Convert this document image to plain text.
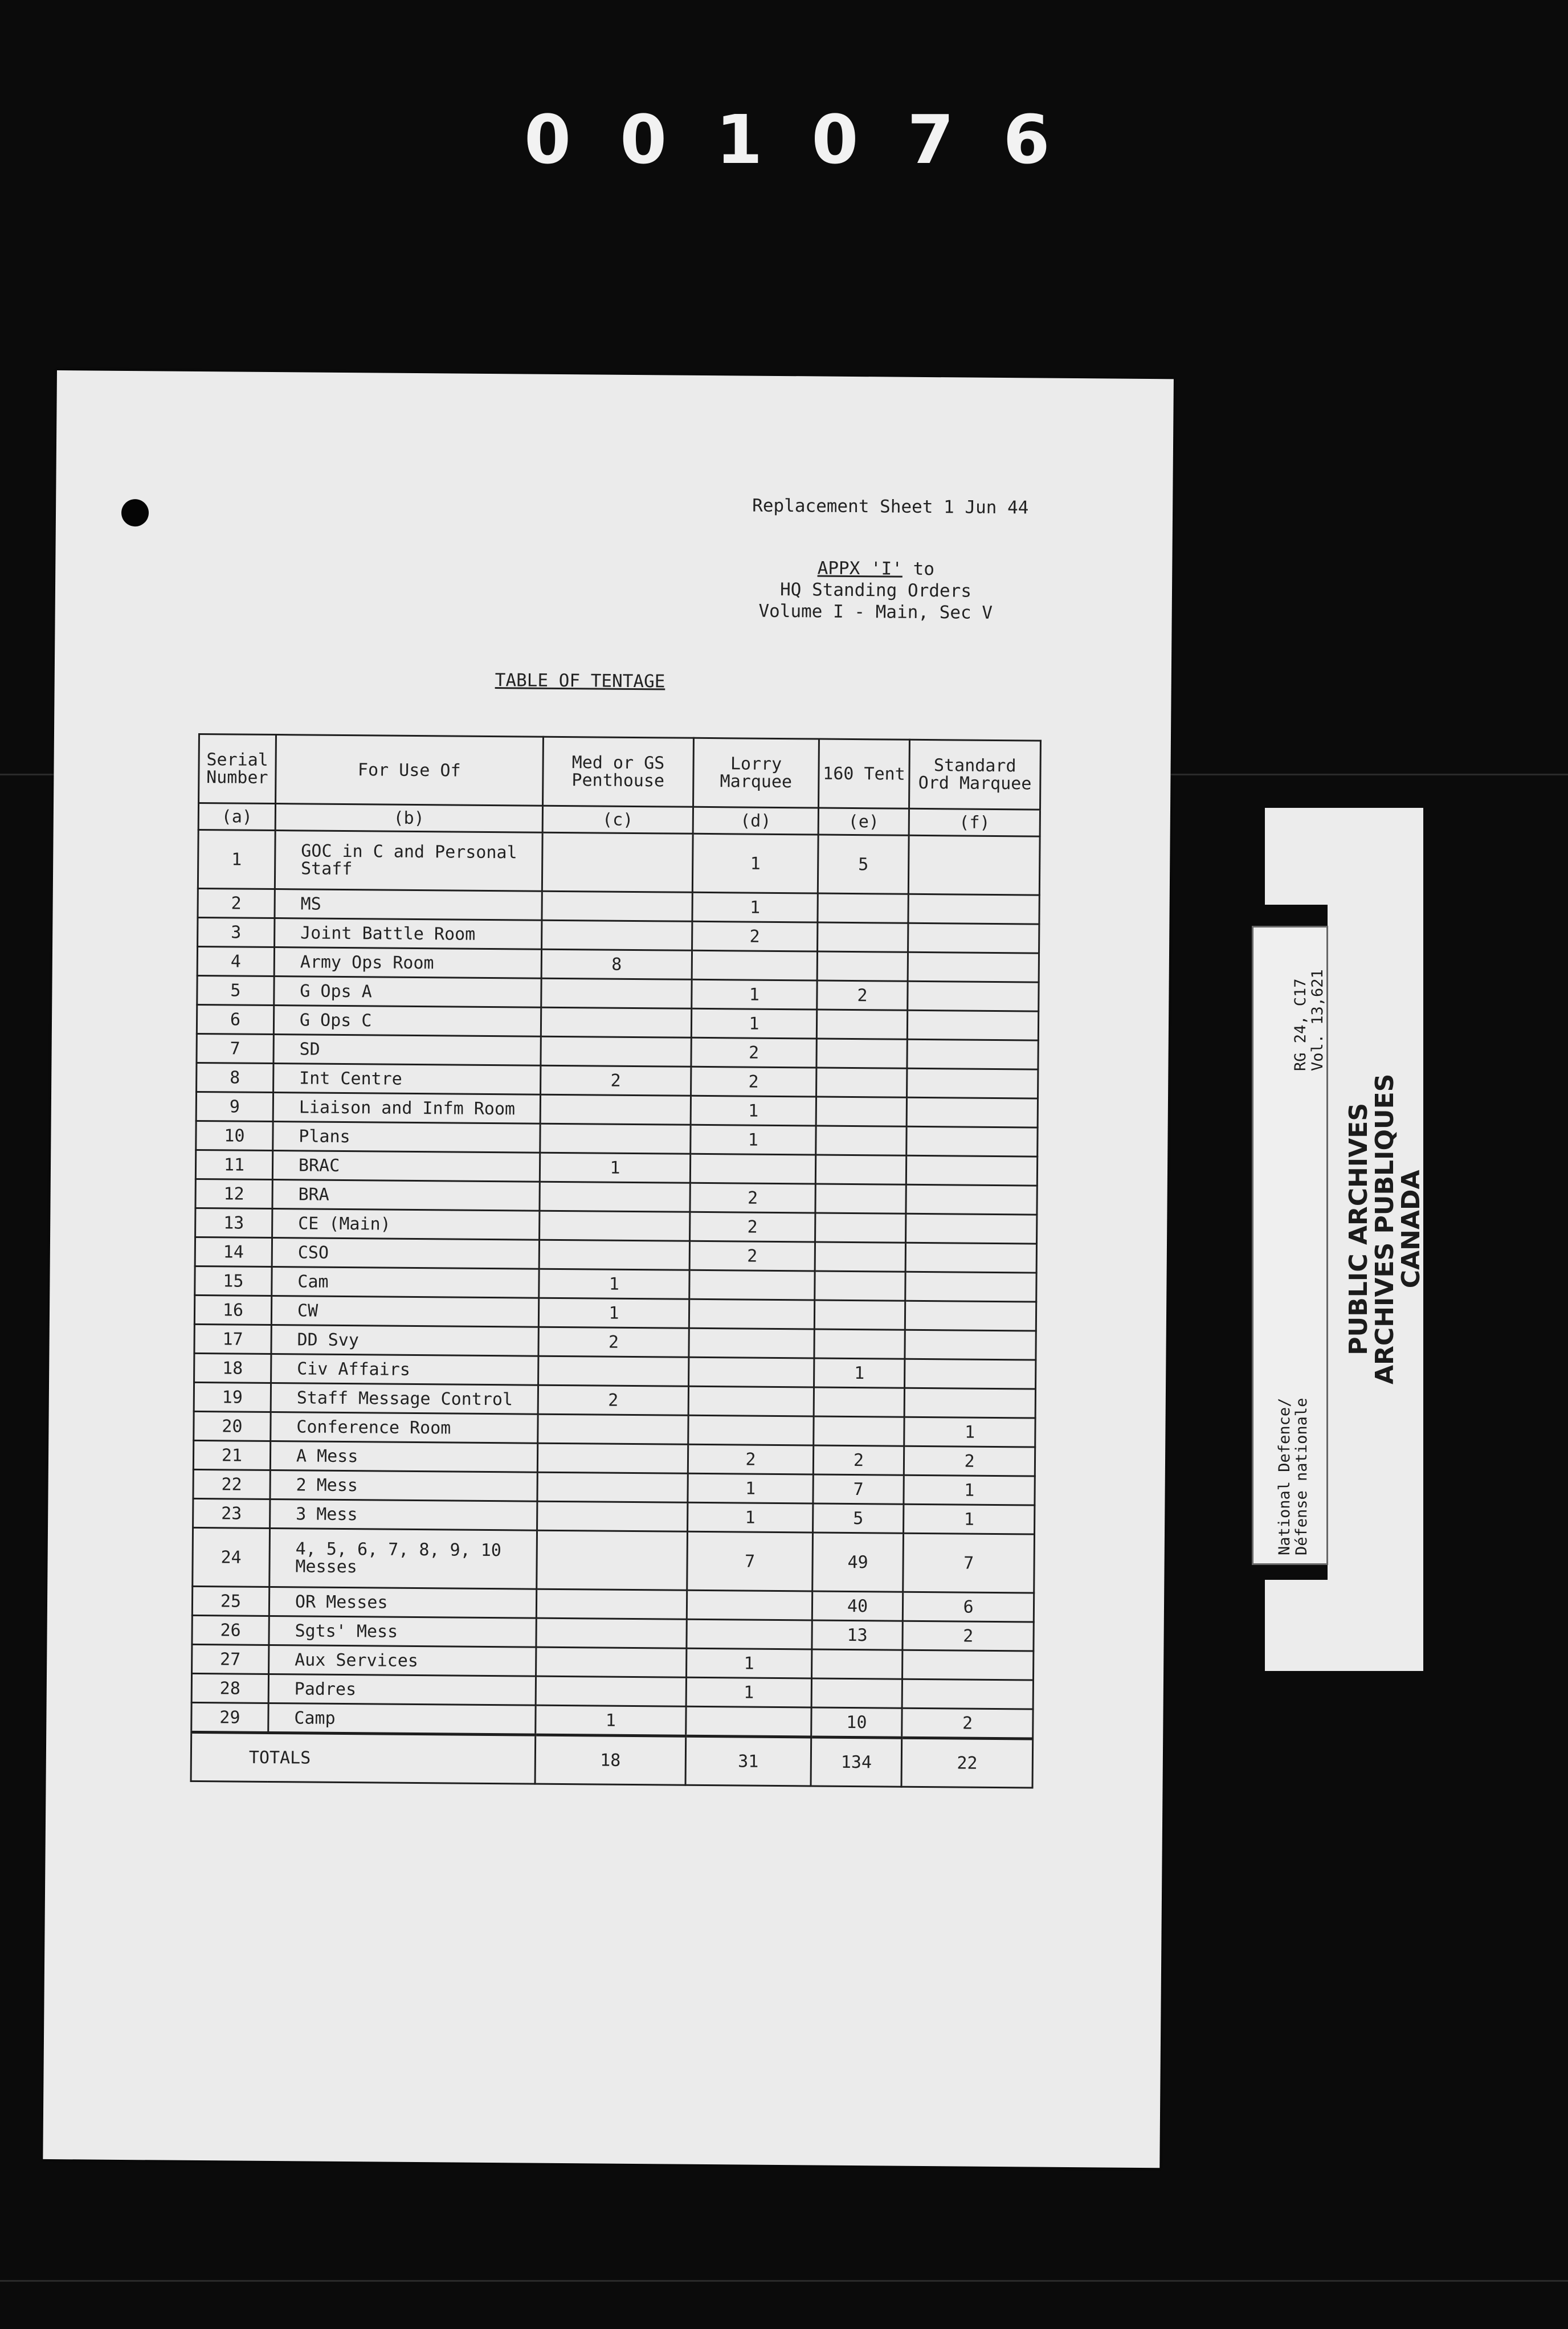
001076
Replacement Sheet 1 Jun 44
APPX 'I' to
HQ Standing Orders
Volume I - Main, Sec V
TABLE OF TENTAGE
Serial Number	For Use Of	Med or GS Penthouse	Lorry Marquee	160 Tent	Standard Ord Marquee
(a)	(b)	(c)	(d)	(e)	(f)
1	GOC in C and Personal Staff		1	5	
2	MS		1		
3	Joint Battle Room		2		
4	Army Ops Room	8			
5	G Ops A		1	2	
6	G Ops C		1		
7	SD		2		
8	Int Centre	2	2		
9	Liaison and Infm Room		1		
10	Plans		1		
11	BRAC	1			
12	BRA		2		
13	CE (Main)		2		
14	CSO		2		
15	Cam	1			
16	CW	1			
17	DD Svy	2			
18	Civ Affairs			1	
19	Staff Message Control	2			
20	Conference Room				1
21	A Mess		2	2	2
22	2 Mess		1	7	1
23	3 Mess		1	5	1
24	4, 5, 6, 7, 8, 9, 10 Messes		7	49	7
25	OR Messes			40	6
26	Sgts' Mess			13	2
27	Aux Services		1		
28	Padres		1		
29	Camp	1		10	2
TOTALS		18	31	134	22
RG 24, C17
Vol. 13,621
National Defence/
Défense nationale
PUBLIC ARCHIVES
ARCHIVES PUBLIQUES
CANADA
